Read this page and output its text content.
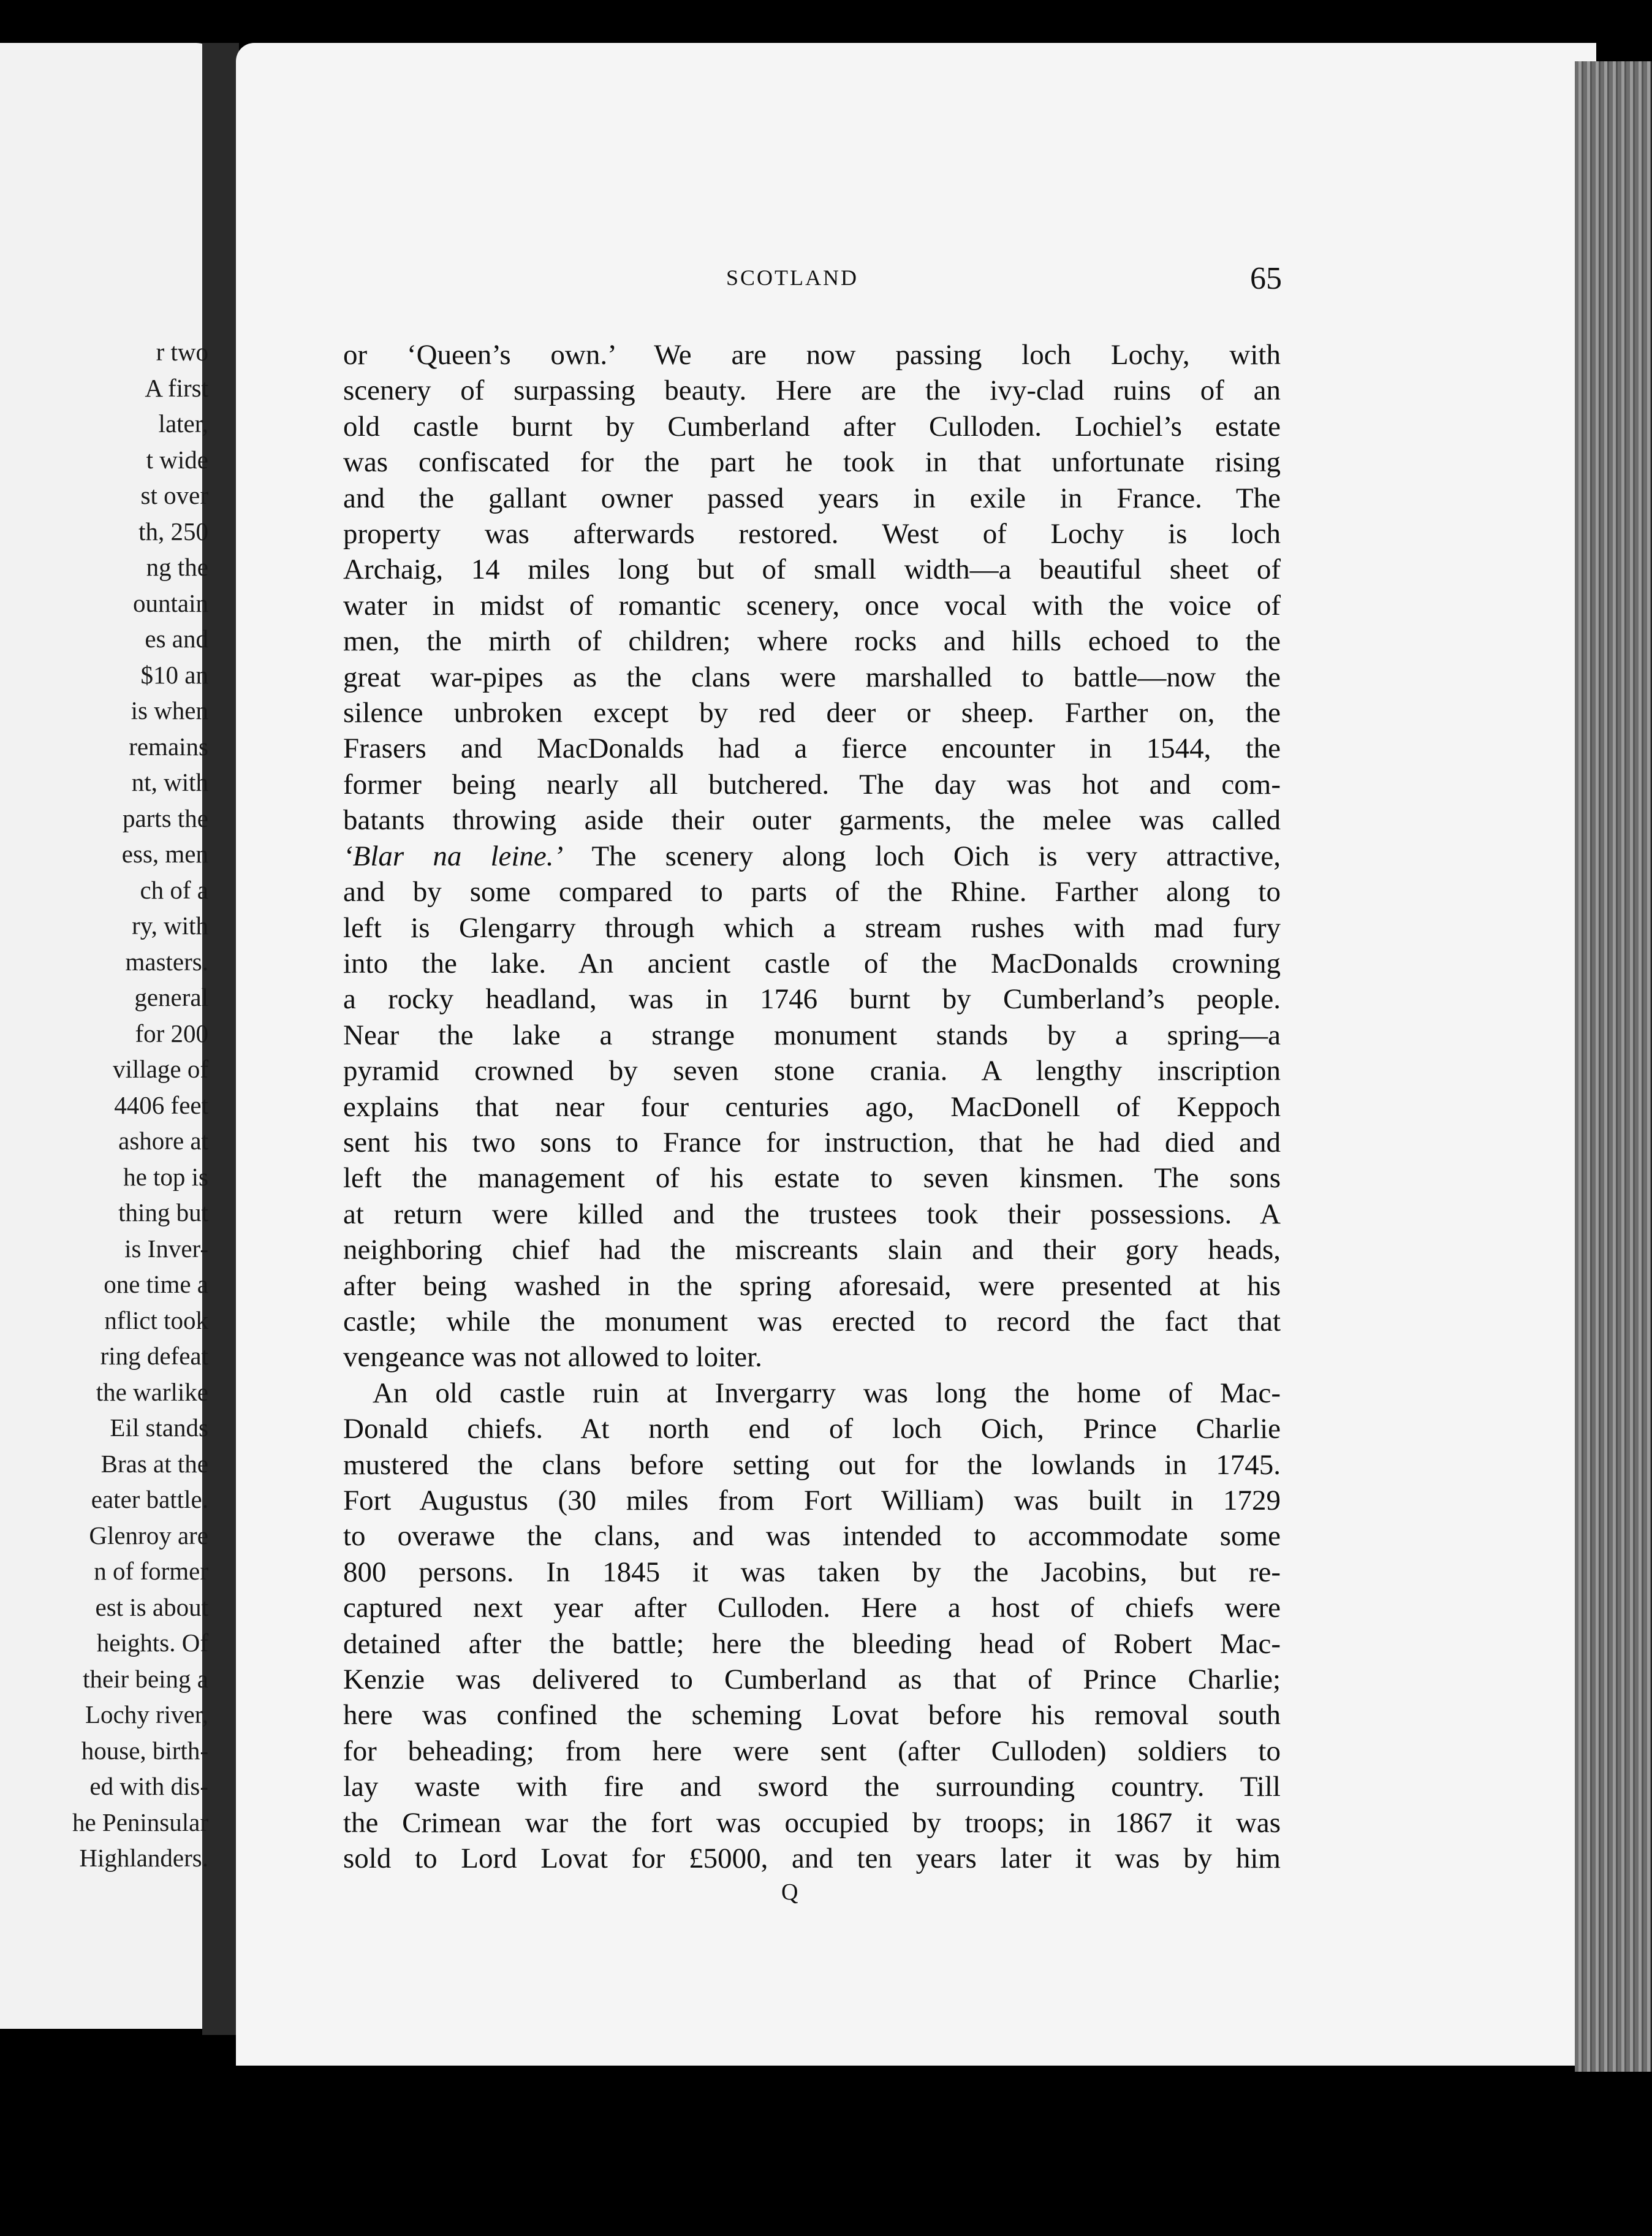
r two
A first
later,
t wide
st over
th, 250
ng the
ountain
es and
$10 an
is when
remains
nt, with
parts the
ess, men
ch of a
ry, with
masters.
general
for 200
village of
4406 feet
ashore at
he top is
thing but
is Inver-
one time a
nflict took
ring defeat
the warlike
Eil stands
Bras at the
eater battle.
Glenroy are
n of former
est is about
heights. Of
their being a
Lochy river,
house, birth-
ed with dis-
he Peninsular
Highlanders.
SCOTLAND	65
or ‘Queen’s own.’ We are now passing loch Lochy, with
scenery of surpassing beauty. Here are the ivy-clad ruins of an
old castle burnt by Cumberland after Culloden. Lochiel’s estate
was confiscated for the part he took in that unfortunate rising
and the gallant owner passed years in exile in France. The
property was afterwards restored. West of Lochy is loch
Archaig, 14 miles long but of small width—a beautiful sheet of
water in midst of romantic scenery, once vocal with the voice of
men, the mirth of children; where rocks and hills echoed to the
great war-pipes as the clans were marshalled to battle—now the
silence unbroken except by red deer or sheep. Farther on, the
Frasers and MacDonalds had a fierce encounter in 1544, the
former being nearly all butchered. The day was hot and com-
batants throwing aside their outer garments, the melee was called
‘Blar na leine.’ The scenery along loch Oich is very attractive,
and by some compared to parts of the Rhine. Farther along to
left is Glengarry through which a stream rushes with mad fury
into the lake. An ancient castle of the MacDonalds crowning
a rocky headland, was in 1746 burnt by Cumberland’s people.
Near the lake a strange monument stands by a spring—a
pyramid crowned by seven stone crania. A lengthy inscription
explains that near four centuries ago, MacDonell of Keppoch
sent his two sons to France for instruction, that he had died and
left the management of his estate to seven kinsmen. The sons
at return were killed and the trustees took their possessions. A
neighboring chief had the miscreants slain and their gory heads,
after being washed in the spring aforesaid, were presented at his
castle; while the monument was erected to record the fact that
vengeance was not allowed to loiter.
An old castle ruin at Invergarry was long the home of Mac-
Donald chiefs. At north end of loch Oich, Prince Charlie
mustered the clans before setting out for the lowlands in 1745.
Fort Augustus (30 miles from Fort William) was built in 1729
to overawe the clans, and was intended to accommodate some
800 persons. In 1845 it was taken by the Jacobins, but re-
captured next year after Culloden. Here a host of chiefs were
detained after the battle; here the bleeding head of Robert Mac-
Kenzie was delivered to Cumberland as that of Prince Charlie;
here was confined the scheming Lovat before his removal south
for beheading; from here were sent (after Culloden) soldiers to
lay waste with fire and sword the surrounding country. Till
the Crimean war the fort was occupied by troops; in 1867 it was
sold to Lord Lovat for £5000, and ten years later it was by him
Q
